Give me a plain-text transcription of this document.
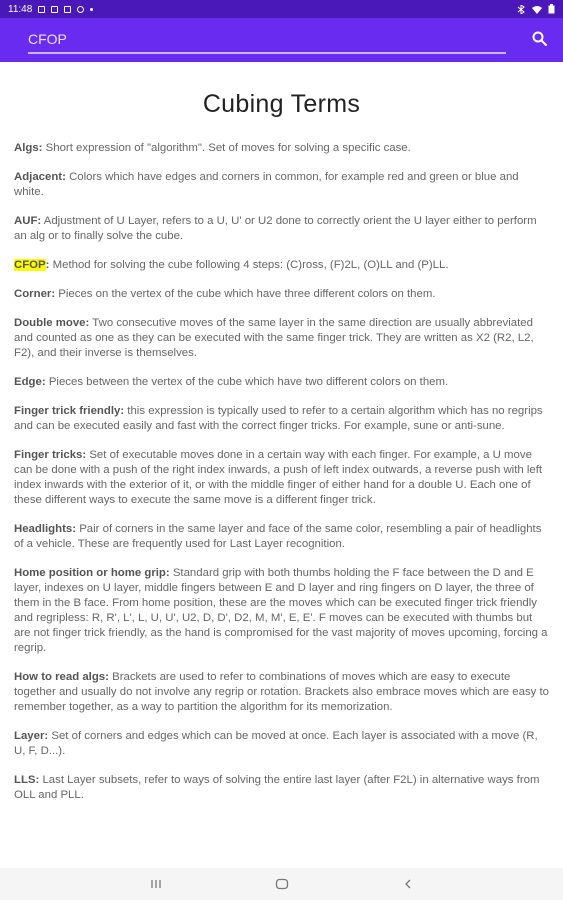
11:48
CFOP
Cubing Terms

Algs: Short expression of "algorithm". Set of moves for solving a specific case.

Adjacent: Colors which have edges and corners in common, for example red and green or blue and white.

AUF: Adjustment of U Layer, refers to a U, U' or U2 done to correctly orient the U layer either to perform an alg or to finally solve the cube.

CFOP: Method for solving the cube following 4 steps: (C)ross, (F)2L, (O)LL and (P)LL.

Corner: Pieces on the vertex of the cube which have three different colors on them.

Double move: Two consecutive moves of the same layer in the same direction are usually abbreviated and counted as one as they can be executed with the same finger trick. They are written as X2 (R2, L2, F2), and their inverse is themselves.

Edge: Pieces between the vertex of the cube which have two different colors on them.

Finger trick friendly: this expression is typically used to refer to a certain algorithm which has no regrips and can be executed easily and fast with the correct finger tricks. For example, sune or anti-sune.

Finger tricks: Set of executable moves done in a certain way with each finger. For example, a U move can be done with a push of the right index inwards, a push of left index outwards, a reverse push with left index inwards with the exterior of it, or with the middle finger of either hand for a double U. Each one of these different ways to execute the same move is a different finger trick.

Headlights: Pair of corners in the same layer and face of the same color, resembling a pair of headlights of a vehicle. These are frequently used for Last Layer recognition.

Home position or home grip: Standard grip with both thumbs holding the F face between the D and E layer, indexes on U layer, middle fingers between E and D layer and ring fingers on D layer, the three of them in the B face. From home position, these are the moves which can be executed finger trick friendly and regripless: R, R', L', L, U, U', U2, D, D', D2, M, M', E, E'. F moves can be executed with thumbs but are not finger trick friendly, as the hand is compromised for the vast majority of moves upcoming, forcing a regrip.

How to read algs: Brackets are used to refer to combinations of moves which are easy to execute together and usually do not involve any regrip or rotation. Brackets also embrace moves which are easy to remember together, as a way to partition the algorithm for its memorization.

Layer: Set of corners and edges which can be moved at once. Each layer is associated with a move (R, U, F, D...).

LLS: Last Layer subsets, refer to ways of solving the entire last layer (after F2L) in alternative ways from OLL and PLL.
